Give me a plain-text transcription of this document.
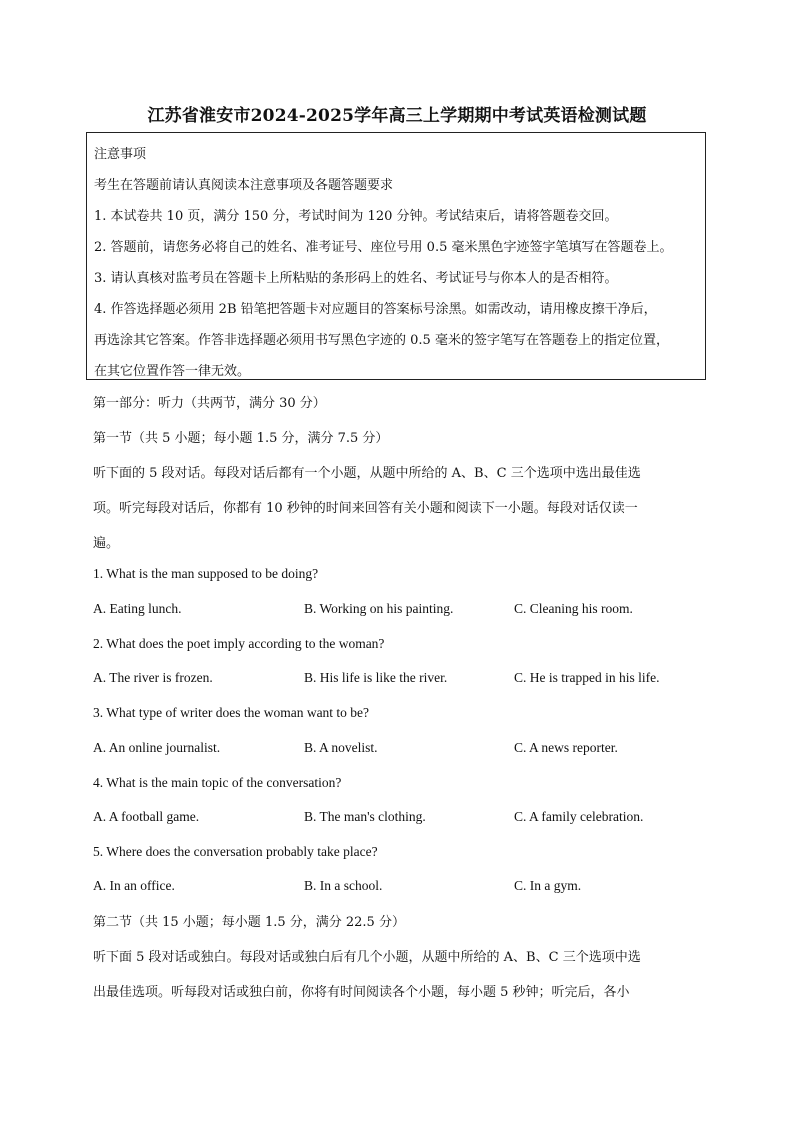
江苏省淮安市2024-2025学年高三上学期期中考试英语检测试题
注意事项
考生在答题前请认真阅读本注意事项及各题答题要求
1. 本试卷共 10 页，满分 150 分，考试时间为 120 分钟。考试结束后，请将答题卷交回。
2. 答题前，请您务必将自己的姓名、准考证号、座位号用 0.5 毫米黑色字迹签字笔填写在答题卷上。
3. 请认真核对监考员在答题卡上所粘贴的条形码上的姓名、考试证号与你本人的是否相符。
4. 作答选择题必须用 2B 铅笔把答题卡对应题目的答案标号涂黑。如需改动，请用橡皮擦干净后，
再选涂其它答案。作答非选择题必须用书写黑色字迹的 0.5 毫米的签字笔写在答题卷上的指定位置，
在其它位置作答一律无效。
第一部分：听力（共两节，满分 30 分）
第一节（共 5 小题；每小题 1.5 分，满分 7.5 分）
听下面的 5 段对话。每段对话后都有一个小题，从题中所给的 A、B、C 三个选项中选出最佳选
项。听完每段对话后，你都有 10 秒钟的时间来回答有关小题和阅读下一小题。每段对话仅读一
遍。
1. What is the man supposed to be doing?
A. Eating lunch.	B. Working on his painting.	C. Cleaning his room.
2. What does the poet imply according to the woman?
A. The river is frozen.	B. His life is like the river.	C. He is trapped in his life.
3. What type of writer does the woman want to be?
A. An online journalist.	B. A novelist.	C. A news reporter.
4. What is the main topic of the conversation?
A. A football game.	B. The man's clothing.	C. A family celebration.
5. Where does the conversation probably take place?
A. In an office.	B. In a school.	C. In a gym.
第二节（共 15 小题；每小题 1.5 分，满分 22.5 分）
听下面 5 段对话或独白。每段对话或独白后有几个小题，从题中所给的 A、B、C 三个选项中选
出最佳选项。听每段对话或独白前，你将有时间阅读各个小题，每小题 5 秒钟；听完后，各小
